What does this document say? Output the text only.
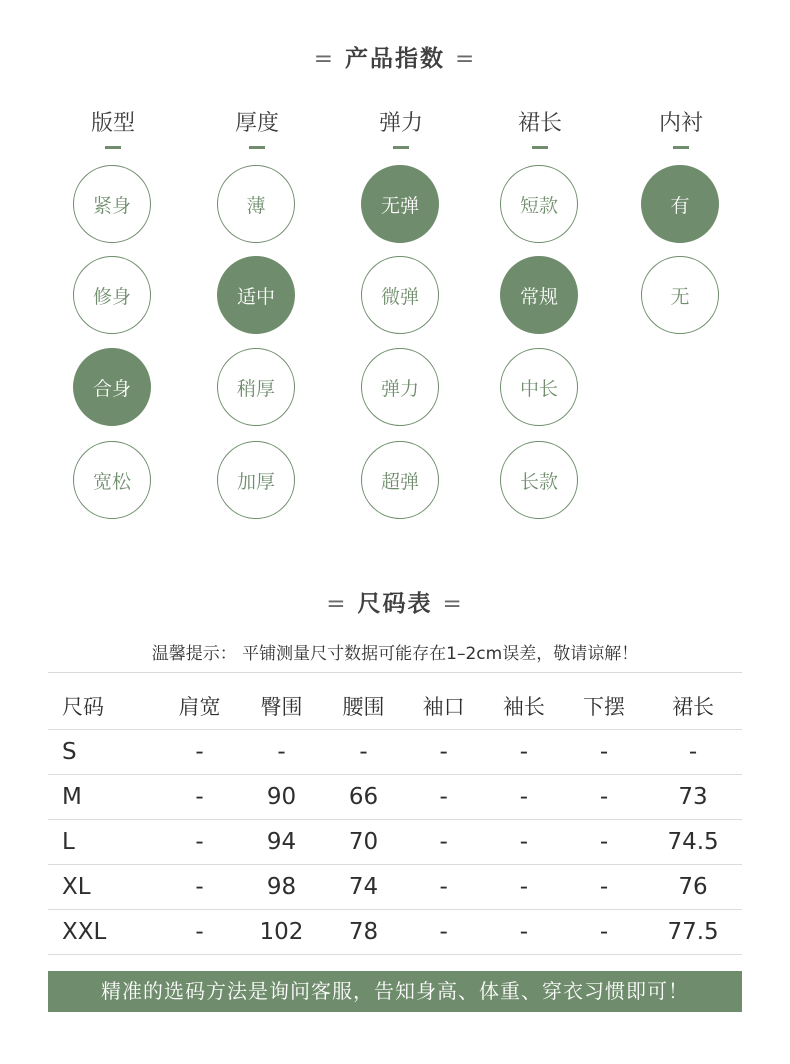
= 产品指数 =
版型
紧身
修身
合身
宽松
厚度
薄
适中
稍厚
加厚
弹力
无弹
微弹
弹力
超弹
裙长
短款
常规
中长
长款
内衬
有
无
= 尺码表 =
温馨提示： 平铺测量尺寸数据可能存在1–2cm误差，敬请谅解！
尺码	肩宽	臀围	腰围	袖口	袖长	下摆	裙长
S	-	-	-	-	-	-	-
M	-	90	66	-	-	-	73
L	-	94	70	-	-	-	74.5
XL	-	98	74	-	-	-	76
XXL	-	102	78	-	-	-	77.5
精准的选码方法是询问客服，告知身高、体重、穿衣习惯即可！
